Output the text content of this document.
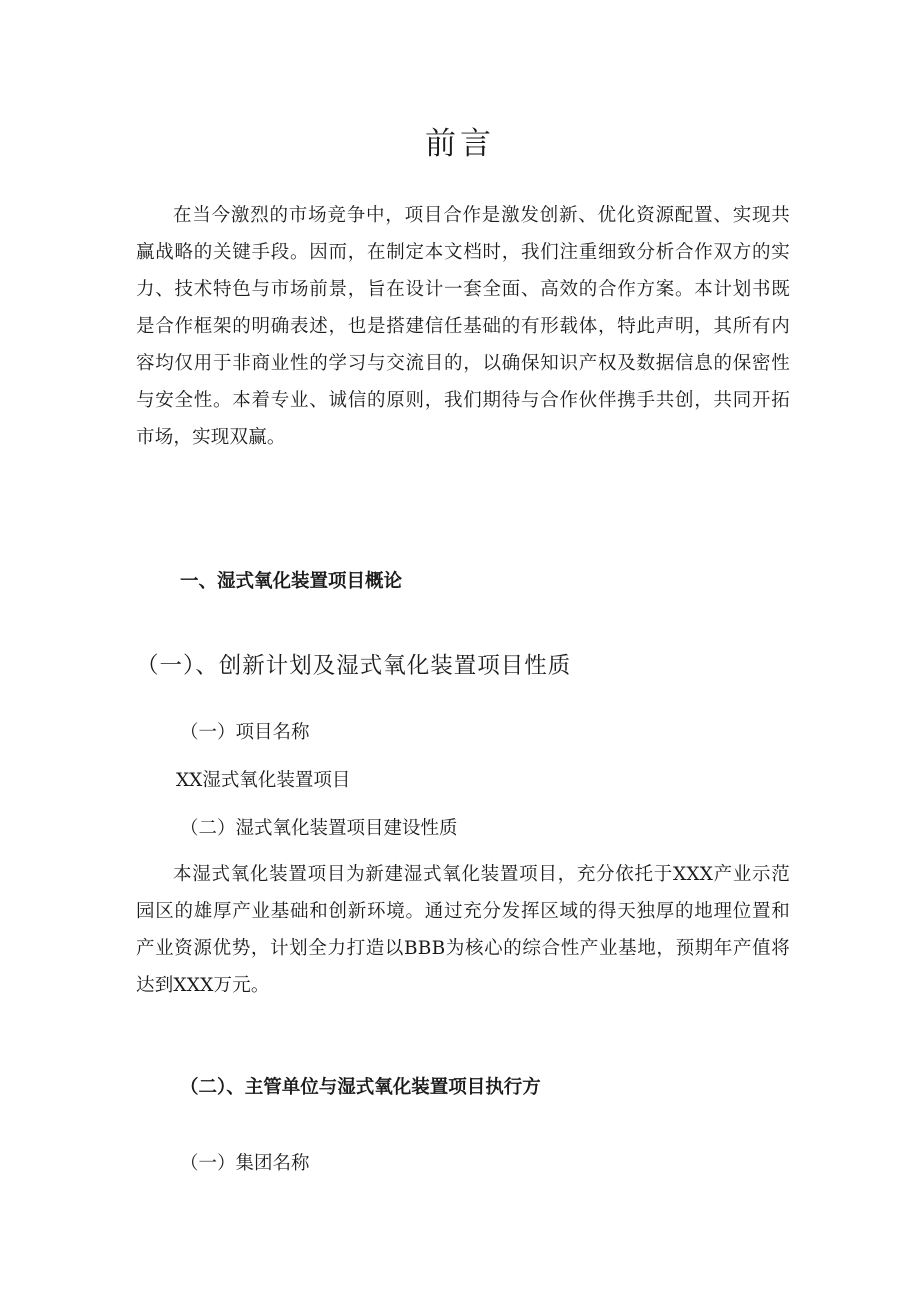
前言

在当今激烈的市场竞争中，项目合作是激发创新、优化资源配置、实现共赢战略的关键手段。因而，在制定本文档时，我们注重细致分析合作双方的实力、技术特色与市场前景，旨在设计一套全面、高效的合作方案。本计划书既是合作框架的明确表述，也是搭建信任基础的有形载体，特此声明，其所有内容均仅用于非商业性的学习与交流目的，以确保知识产权及数据信息的保密性与安全性。本着专业、诚信的原则，我们期待与合作伙伴携手共创，共同开拓市场，实现双赢。

一、湿式氧化装置项目概论

（一）、创新计划及湿式氧化装置项目性质

（一）项目名称

XX湿式氧化装置项目

（二）湿式氧化装置项目建设性质

本湿式氧化装置项目为新建湿式氧化装置项目，充分依托于XXX产业示范园区的雄厚产业基础和创新环境。通过充分发挥区域的得天独厚的地理位置和产业资源优势，计划全力打造以BBB为核心的综合性产业基地，预期年产值将达到XXX万元。

（二）、主管单位与湿式氧化装置项目执行方

（一）集团名称
